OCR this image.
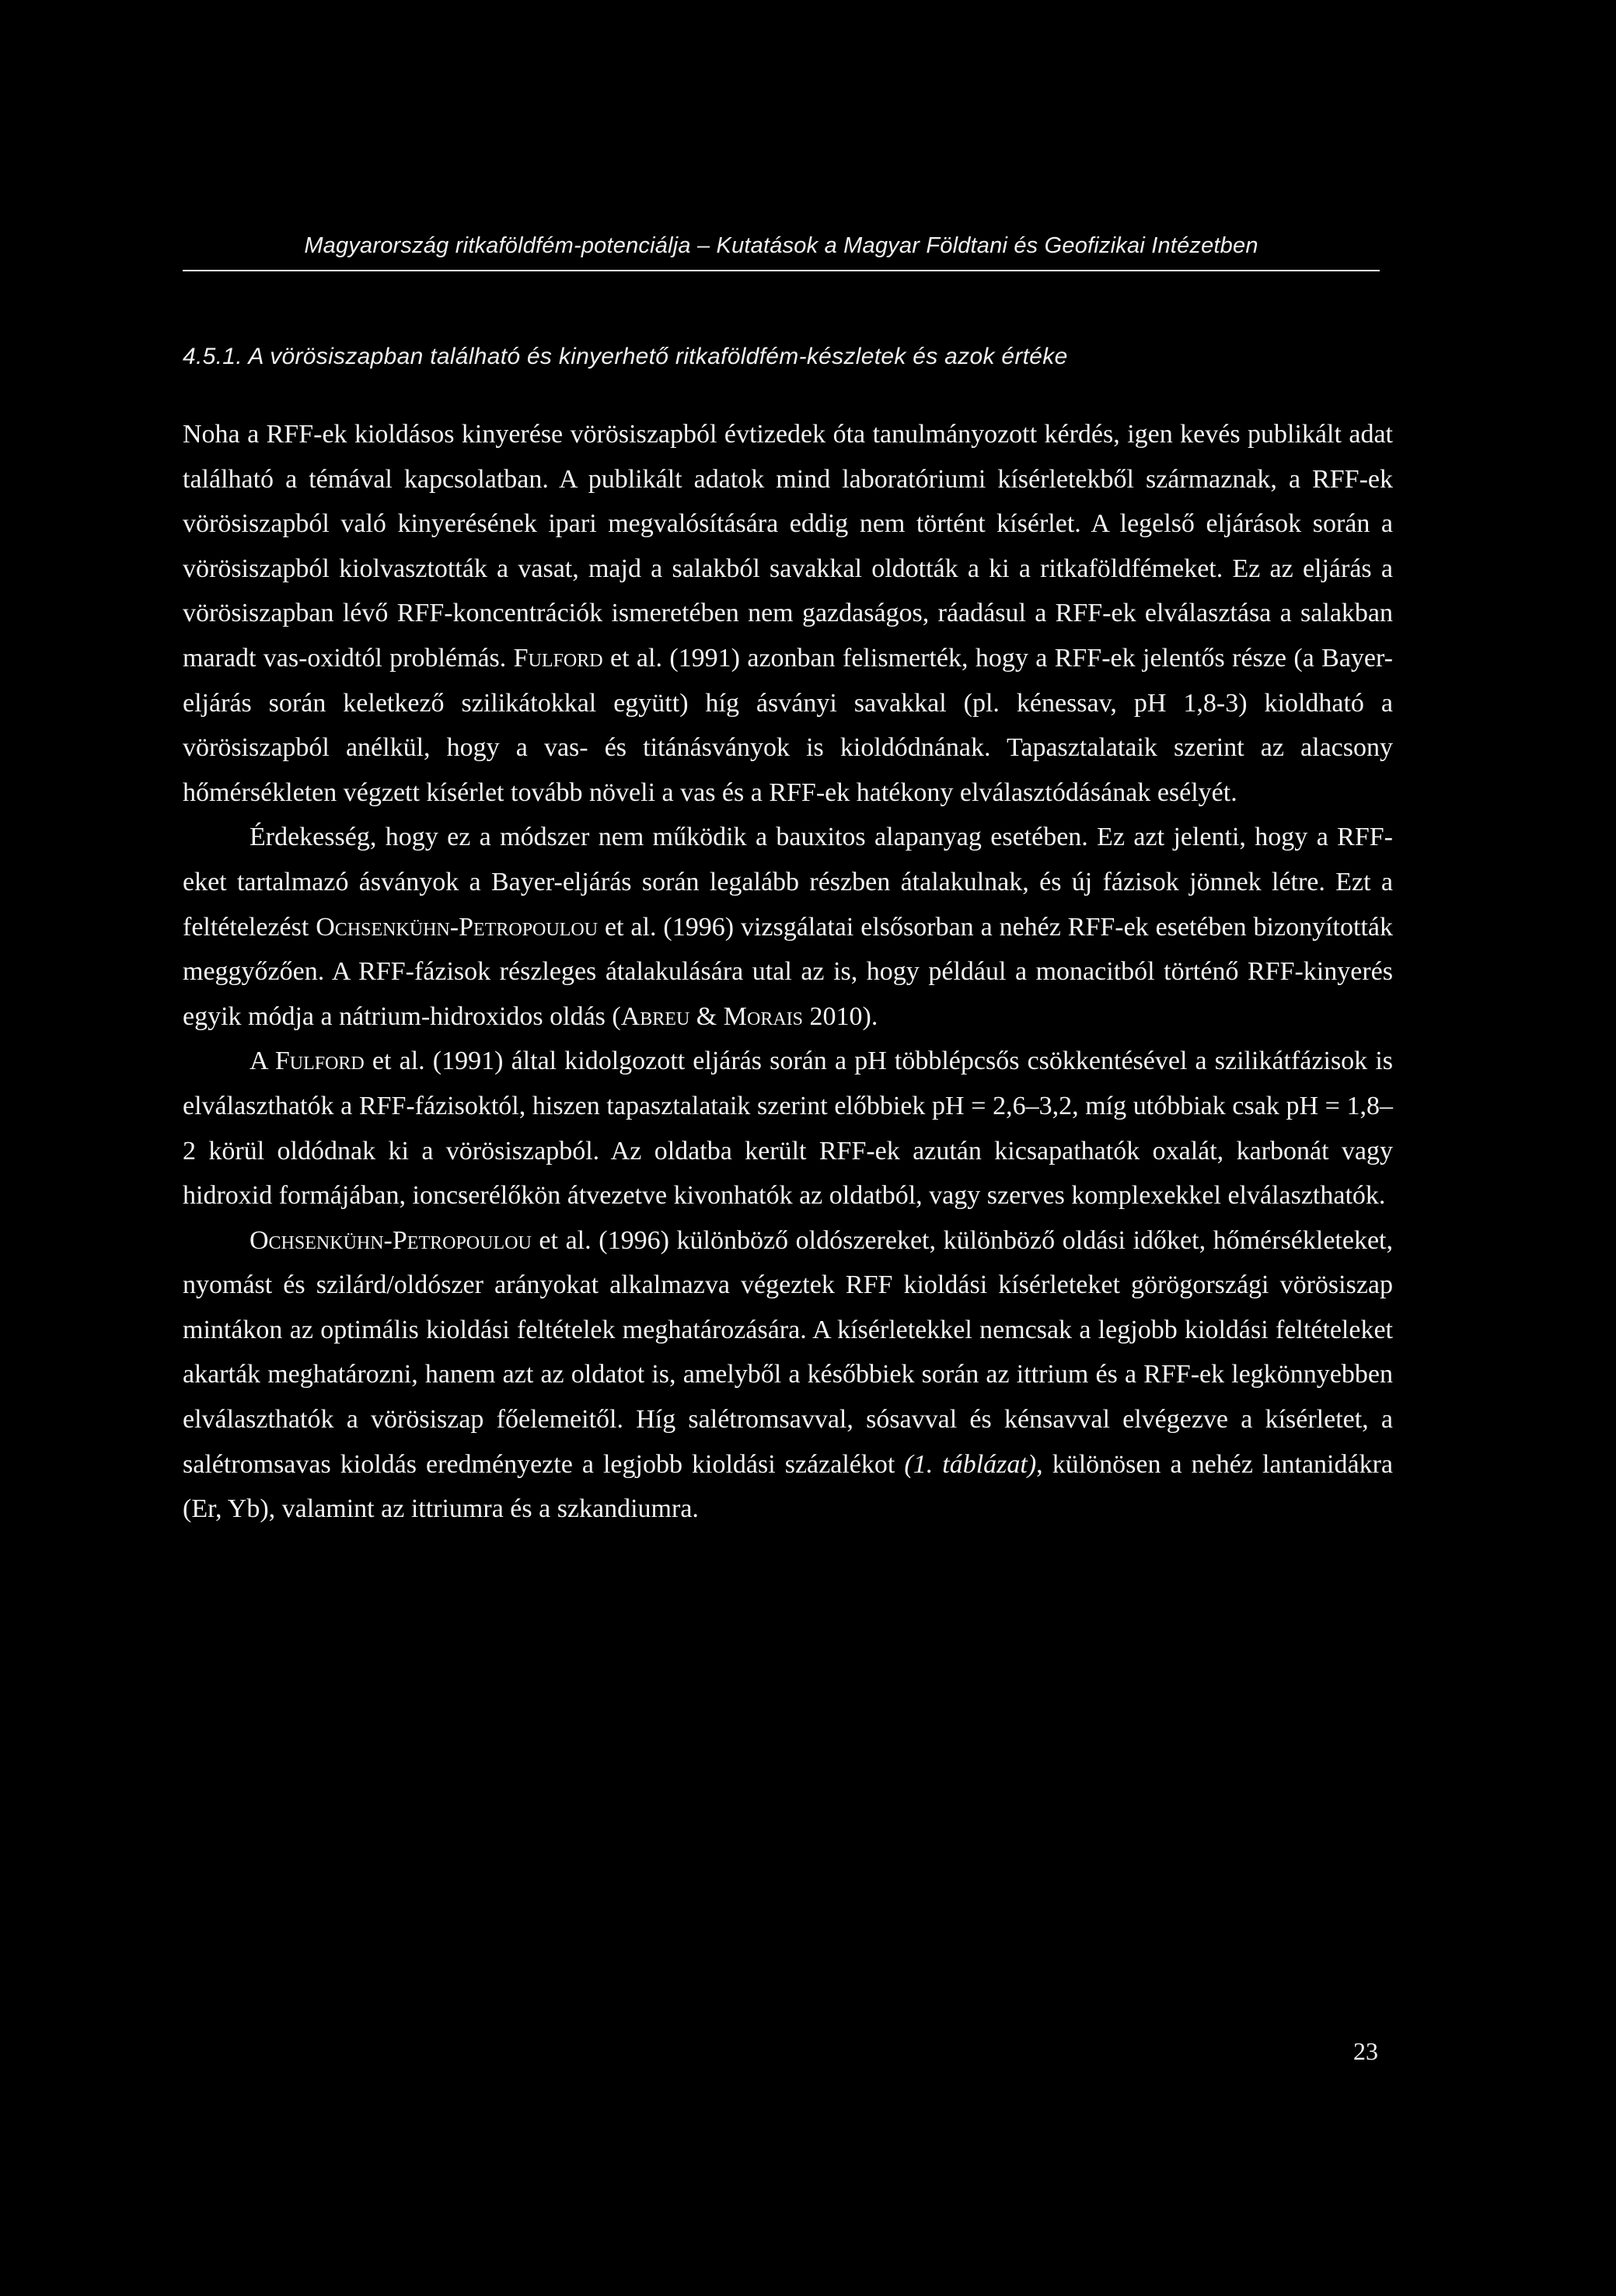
Magyarország ritkaföldfém-potenciálja – Kutatások a Magyar Földtani és Geofizikai Intézetben
4.5.1. A vörösiszapban található és kinyerhető ritkaföldfém-készletek és azok értéke

Noha a RFF-ek kioldásos kinyerése vörösiszapból évtizedek óta tanulmányozott kérdés, igen kevés publikált adat található a témával kapcsolatban. A publikált adatok mind laboratóriumi kísérletekből származnak, a RFF-ek vörösiszapból való kinyerésének ipari megvalósítására eddig nem történt kísérlet. A legelső eljárások során a vörösiszapból kiolvasztották a vasat, majd a salakból savakkal oldották a ki a ritkaföldfémeket. Ez az eljárás a vörösiszapban lévő RFF-koncentrációk ismeretében nem gazdaságos, ráadásul a RFF-ek elválasztása a salakban maradt vas-oxidtól problémás. Fulford et al. (1991) azonban felismerték, hogy a RFF-ek jelentős része (a Bayer-eljárás során keletkező szilikátokkal együtt) híg ásványi savakkal (pl. kénessav, pH 1,8-3) kioldható a vörösiszapból anélkül, hogy a vas- és titánásványok is kioldódnának. Tapasztalataik szerint az alacsony hőmérsékleten végzett kísérlet tovább növeli a vas és a RFF-ek hatékony elválasztódásának esélyét.

Érdekesség, hogy ez a módszer nem működik a bauxitos alapanyag esetében. Ez azt jelenti, hogy a RFF-eket tartalmazó ásványok a Bayer-eljárás során legalább részben átalakulnak, és új fázisok jönnek létre. Ezt a feltételezést Ochsenkühn-Petropoulou et al. (1996) vizsgálatai elsősorban a nehéz RFF-ek esetében bizonyították meggyőzően. A RFF-fázisok részleges átalakulására utal az is, hogy például a monacitból történő RFF-kinyerés egyik módja a nátrium-hidroxidos oldás (Abreu & Morais 2010).

A Fulford et al. (1991) által kidolgozott eljárás során a pH többlépcsős csökkentésével a szilikátfázisok is elválaszthatók a RFF-fázisoktól, hiszen tapasztalataik szerint előbbiek pH = 2,6–3,2, míg utóbbiak csak pH = 1,8–2 körül oldódnak ki a vörösiszapból. Az oldatba került RFF-ek azután kicsapathatók oxalát, karbonát vagy hidroxid formájában, ioncserélőkön átvezetve kivonhatók az oldatból, vagy szerves komplexekkel elválaszthatók.

Ochsenkühn-Petropoulou et al. (1996) különböző oldószereket, különböző oldási időket, hőmérsékleteket, nyomást és szilárd/oldószer arányokat alkalmazva végeztek RFF kioldási kísérleteket görögországi vörösiszap mintákon az optimális kioldási feltételek meghatározására. A kísérletekkel nemcsak a legjobb kioldási feltételeket akarták meghatározni, hanem azt az oldatot is, amelyből a későbbiek során az ittrium és a RFF-ek legkönnyebben elválaszthatók a vörösiszap főelemeitől. Híg salétromsavval, sósavval és kénsavval elvégezve a kísérletet, a salétromsavas kioldás eredményezte a legjobb kioldási százalékot (1. táblázat), különösen a nehéz lantanidákra (Er, Yb), valamint az ittriumra és a szkandiumra.

23
